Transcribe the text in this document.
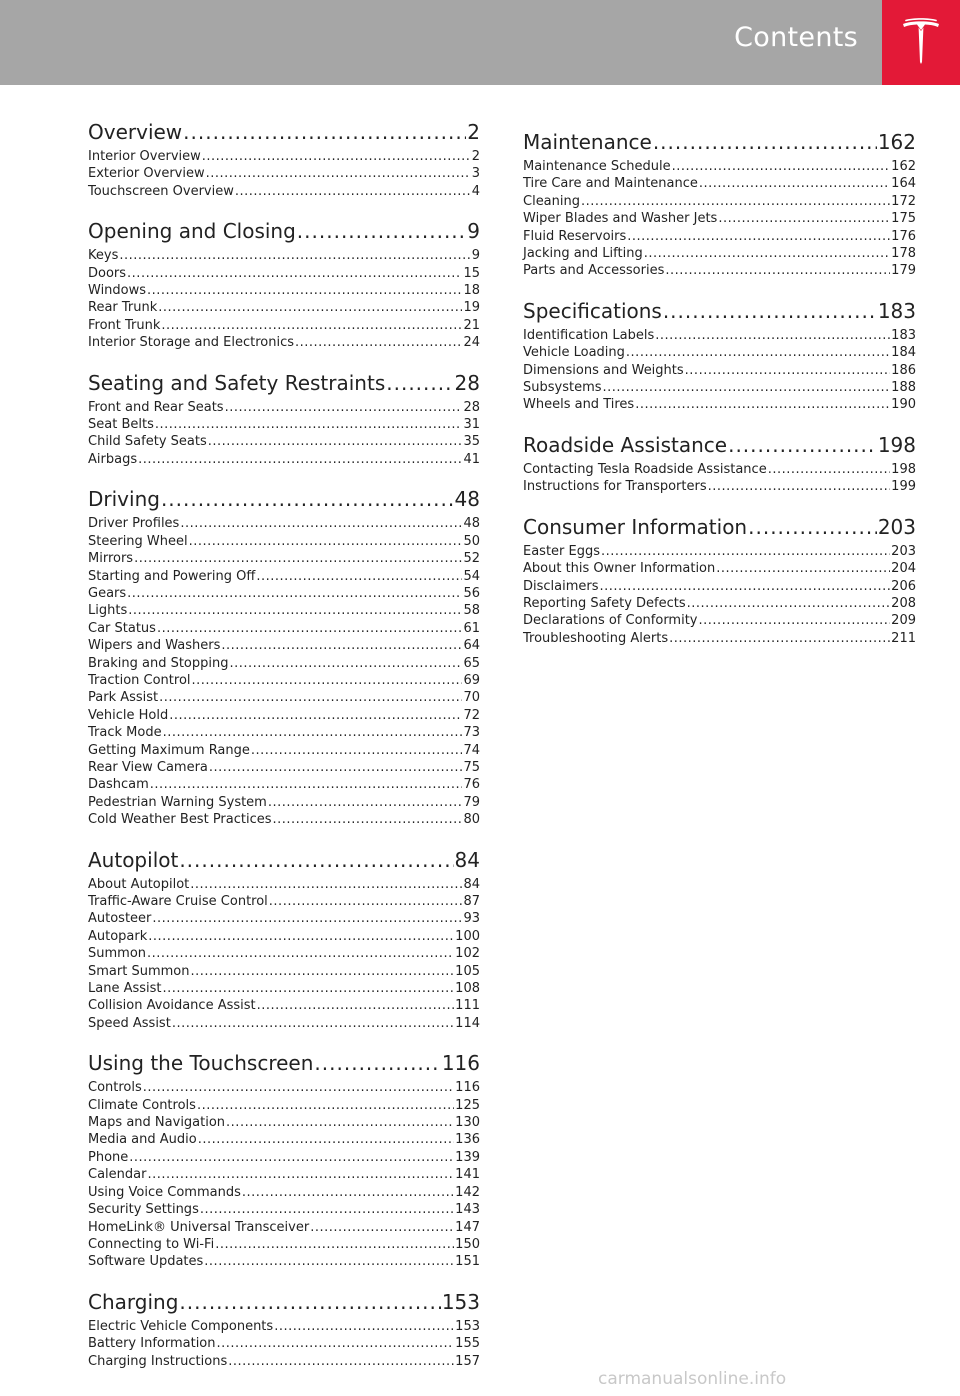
Contents
Overview .....	2
Interior Overview .....	2
Exterior Overview .....	3
Touchscreen Overview .....	4
Opening and Closing .....	9
Keys .....	9
Doors .....	15
Windows .....	18
Rear Trunk .....	19
Front Trunk .....	21
Interior Storage and Electronics .....	24
Seating and Safety Restraints .....	28
Front and Rear Seats .....	28
Seat Belts .....	31
Child Safety Seats .....	35
Airbags .....	41
Driving .....	48
Driver Profiles .....	48
Steering Wheel .....	50
Mirrors .....	52
Starting and Powering Off .....	54
Gears .....	56
Lights .....	58
Car Status .....	61
Wipers and Washers .....	64
Braking and Stopping .....	65
Traction Control .....	69
Park Assist .....	70
Vehicle Hold .....	72
Track Mode .....	73
Getting Maximum Range .....	74
Rear View Camera .....	75
Dashcam .....	76
Pedestrian Warning System .....	79
Cold Weather Best Practices .....	80
Autopilot .....	84
About Autopilot .....	84
Traffic-Aware Cruise Control .....	87
Autosteer .....	93
Autopark .....	100
Summon .....	102
Smart Summon .....	105
Lane Assist .....	108
Collision Avoidance Assist .....	111
Speed Assist .....	114
Using the Touchscreen .....	116
Controls .....	116
Climate Controls .....	125
Maps and Navigation .....	130
Media and Audio .....	136
Phone .....	139
Calendar .....	141
Using Voice Commands .....	142
Security Settings .....	143
HomeLink® Universal Transceiver .....	147
Connecting to Wi-Fi .....	150
Software Updates .....	151
Charging .....	153
Electric Vehicle Components .....	153
Battery Information .....	155
Charging Instructions .....	157
Maintenance .....	162
Maintenance Schedule .....	162
Tire Care and Maintenance .....	164
Cleaning .....	172
Wiper Blades and Washer Jets .....	175
Fluid Reservoirs .....	176
Jacking and Lifting .....	178
Parts and Accessories .....	179
Specifications .....	183
Identification Labels .....	183
Vehicle Loading .....	184
Dimensions and Weights .....	186
Subsystems .....	188
Wheels and Tires .....	190
Roadside Assistance .....	198
Contacting Tesla Roadside Assistance .....	198
Instructions for Transporters .....	199
Consumer Information .....	203
Easter Eggs .....	203
About this Owner Information .....	204
Disclaimers .....	206
Reporting Safety Defects .....	208
Declarations of Conformity .....	209
Troubleshooting Alerts .....	211
carmanualsonline.info
